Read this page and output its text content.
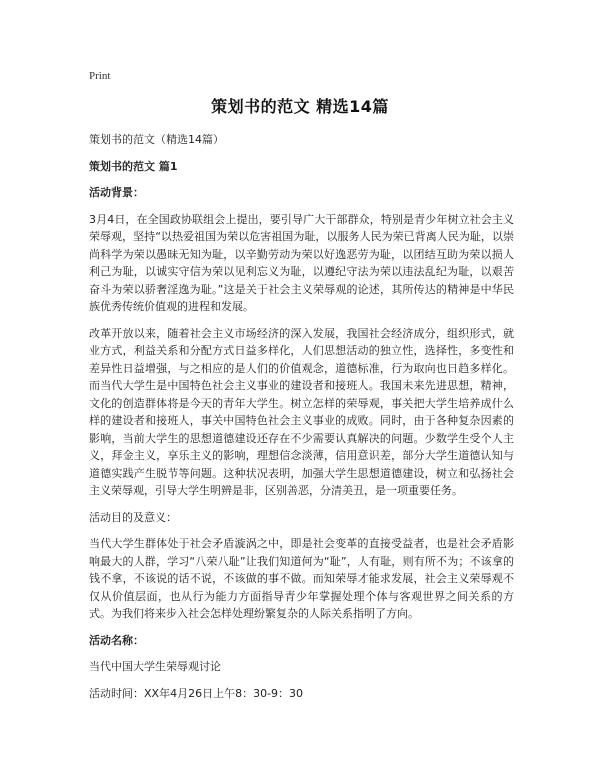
Print
策划书的范文 精选14篇

策划书的范文（精选14篇）

策划书的范文 篇1

活动背景：

3月4日，在全国政协联组会上提出，要引导广大干部群众，特别是青少年树立社会主义荣辱观，坚持“以热爱祖国为荣以危害祖国为耻，以服务人民为荣已背离人民为耻，以崇尚科学为荣以愚昧无知为耻，以辛勤劳动为荣以好逸恶劳为耻，以团结互助为荣以损人利己为耻，以诚实守信为荣以见利忘义为耻，以遵纪守法为荣以违法乱纪为耻，以艰苦奋斗为荣以骄奢淫逸为耻。”这是关于社会主义荣辱观的论述，其所传达的精神是中华民族优秀传统价值观的进程和发展。

改革开放以来，随着社会主义市场经济的深入发展，我国社会经济成分，组织形式，就业方式，利益关系和分配方式日益多样化，人们思想活动的独立性，选择性，多变性和差异性日益增强，与之相应的是人们的价值观念，道德标准，行为取向也日趋多样化。而当代大学生是中国特色社会主义事业的建设者和接班人。我国未来先进思想，精神，文化的创造群体将是今天的青年大学生。树立怎样的荣辱观，事关把大学生培养成什么样的建设者和接班人，事关中国特色社会主义事业的成败。同时，由于各种复杂因素的影响，当前大学生的思想道德建设还存在不少需要认真解决的问题。少数学生受个人主义，拜金主义，享乐主义的影响，理想信念淡薄，信用意识差，部分大学生道德认知与道德实践产生脱节等问题。这种状况表明，加强大学生思想道德建设，树立和弘扬社会主义荣辱观，引导大学生明辨是非，区别善恶，分清美丑，是一项重要任务。

活动目的及意义：

当代大学生群体处于社会矛盾漩涡之中，即是社会变革的直接受益者，也是社会矛盾影响最大的人群，学习“八荣八耻”让我们知道何为“耻”，人有耻，则有所不为；不该拿的钱不拿，不该说的话不说，不该做的事不做。而知荣辱才能求发展，社会主义荣辱观不仅从价值层面，也从行为能力方面指导青少年掌握处理个体与客观世界之间关系的方式。为我们将来步入社会怎样处理纷繁复杂的人际关系指明了方向。

活动名称：

当代中国大学生荣辱观讨论

活动时间：XX年4月26日上午8：30-9：30
